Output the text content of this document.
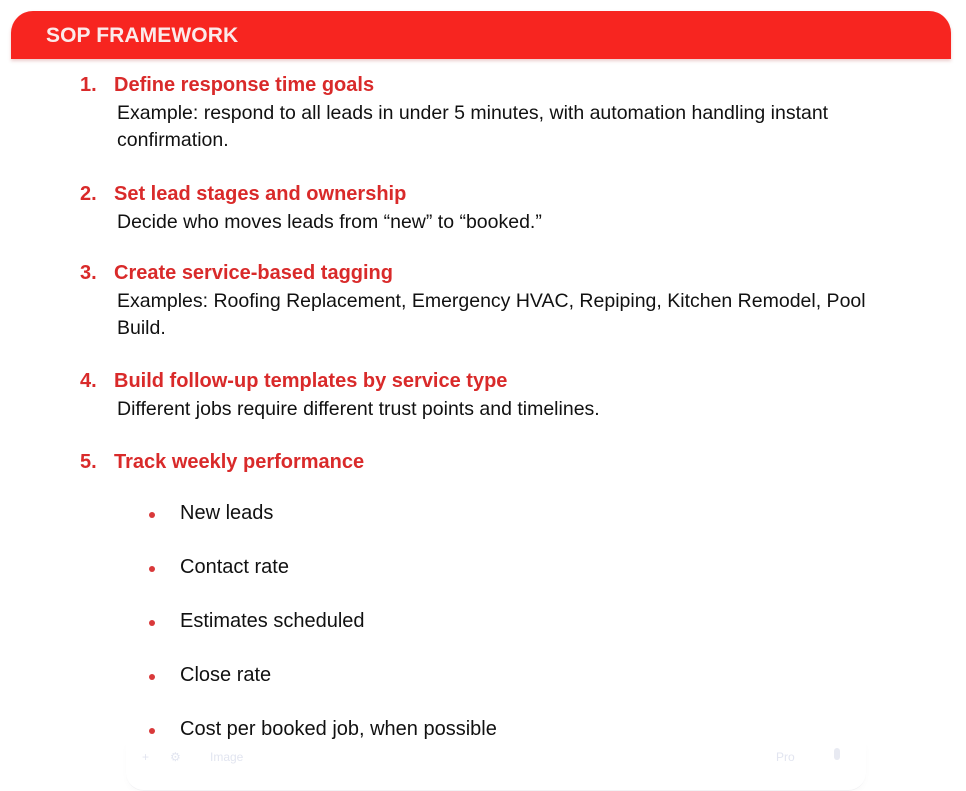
SOP FRAMEWORK
1. Define response time goals
Example: respond to all leads in under 5 minutes, with automation handling instant confirmation.
2. Set lead stages and ownership
Decide who moves leads from “new” to “booked.”
3. Create service-based tagging
Examples: Roofing Replacement, Emergency HVAC, Repiping, Kitchen Remodel, Pool Build.
4. Build follow-up templates by service type
Different jobs require different trust points and timelines.
5. Track weekly performance
New leads
Contact rate
Estimates scheduled
Close rate
Cost per booked job, when possible
+ ⚙ Image	Pro
